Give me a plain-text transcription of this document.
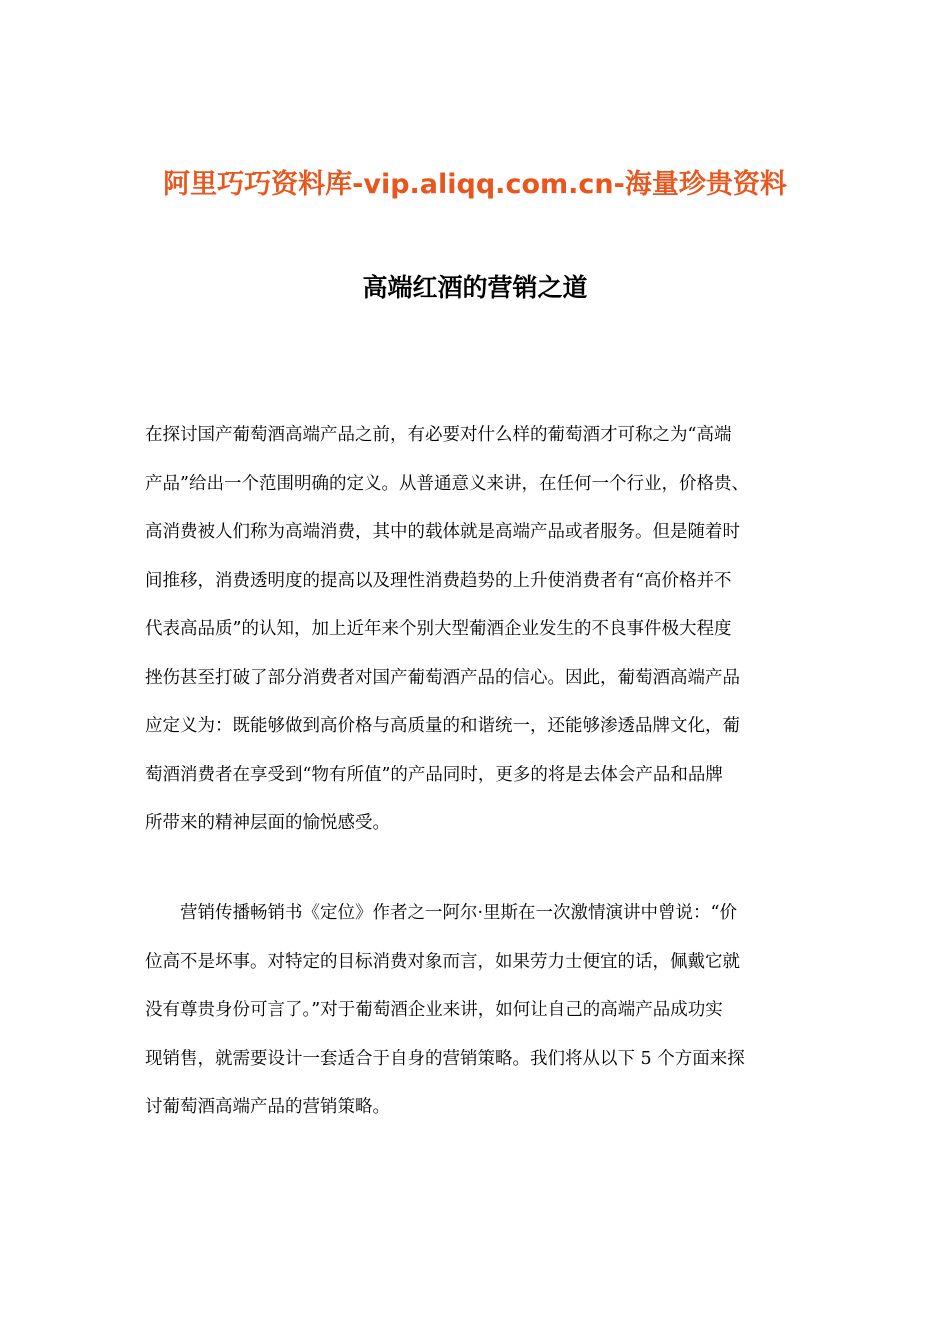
阿里巧巧资料库-vip.aliqq.com.cn-海量珍贵资料
高端红酒的营销之道
在探讨国产葡萄酒高端产品之前，有必要对什么样的葡萄酒才可称之为“高端
产品”给出一个范围明确的定义。从普通意义来讲，在任何一个行业，价格贵、
高消费被人们称为高端消费，其中的载体就是高端产品或者服务。但是随着时
间推移，消费透明度的提高以及理性消费趋势的上升使消费者有“高价格并不
代表高品质”的认知，加上近年来个别大型葡酒企业发生的不良事件极大程度
挫伤甚至打破了部分消费者对国产葡萄酒产品的信心。因此，葡萄酒高端产品
应定义为：既能够做到高价格与高质量的和谐统一，还能够渗透品牌文化，葡
萄酒消费者在享受到“物有所值”的产品同时，更多的将是去体会产品和品牌
所带来的精神层面的愉悦感受。
　　营销传播畅销书《定位》作者之一阿尔·里斯在一次激情演讲中曾说：“价
位高不是坏事。对特定的目标消费对象而言，如果劳力士便宜的话，佩戴它就
没有尊贵身份可言了。”对于葡萄酒企业来讲，如何让自己的高端产品成功实
现销售，就需要设计一套适合于自身的营销策略。我们将从以下 5 个方面来探
讨葡萄酒高端产品的营销策略。
